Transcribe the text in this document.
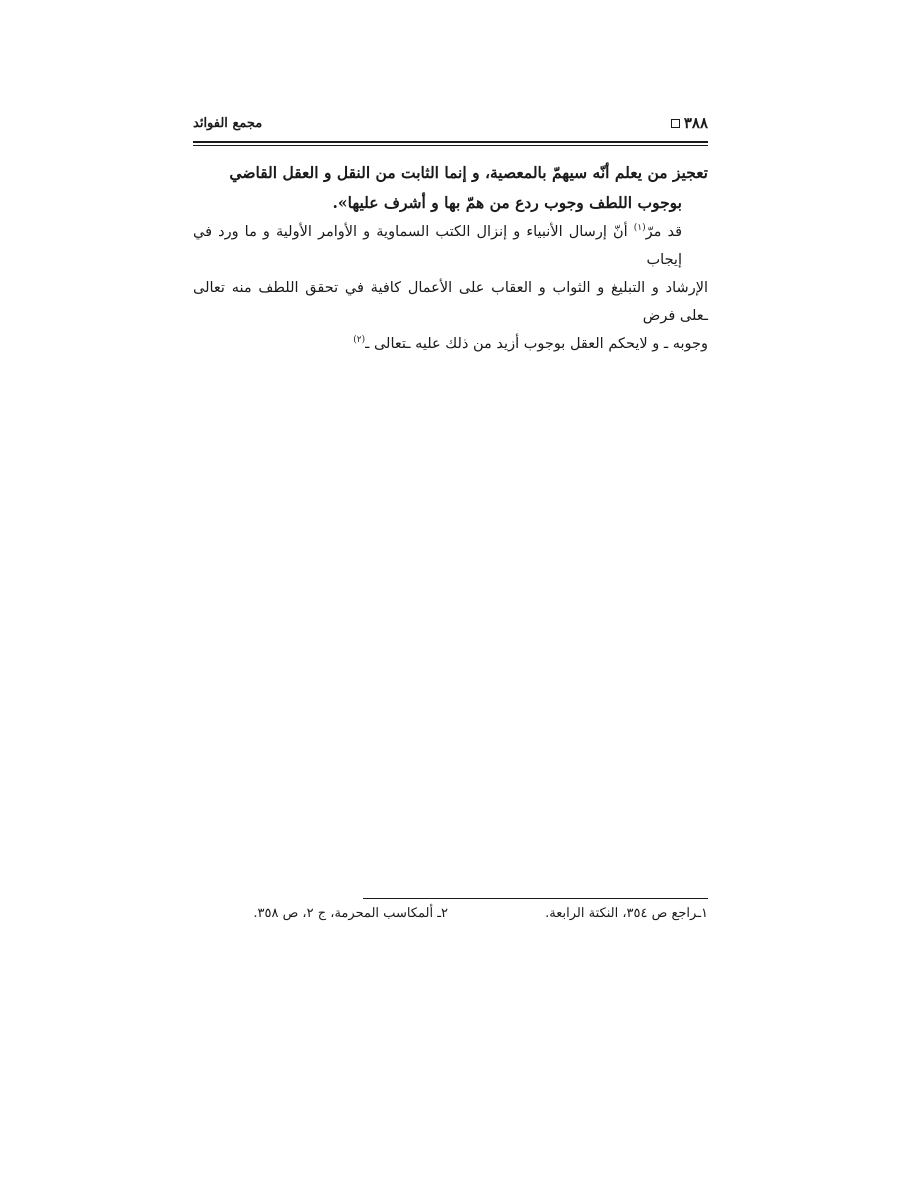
٣٨٨
مجمع الفوائد

تعجيز من يعلم أنّه سيهمّ بالمعصية، و إنما الثابت من النقل و العقل القاضي

بوجوب اللطف وجوب ردع من همّ بها و أشرف عليها».

قد مرّ$^{(١)}$ أنّ إرسال الأنبياء و إنزال الكتب السماوية و الأوامر الأولية و ما ورد في إيجاب

الإرشاد و التبليغ و الثواب و العقاب على الأعمال كافية في تحقق اللطف منه تعالى ـعلى فرض

وجوبه ـ و لايحكم العقل بوجوب أزيد من ذلك عليه ـتعالى ـ$^{(٢)}$

١ـراجع ص ٣٥٤، النكتة الرابعة.
٢ـ ألمكاسب المحرمة، ج ٢، ص ٣٥٨.
